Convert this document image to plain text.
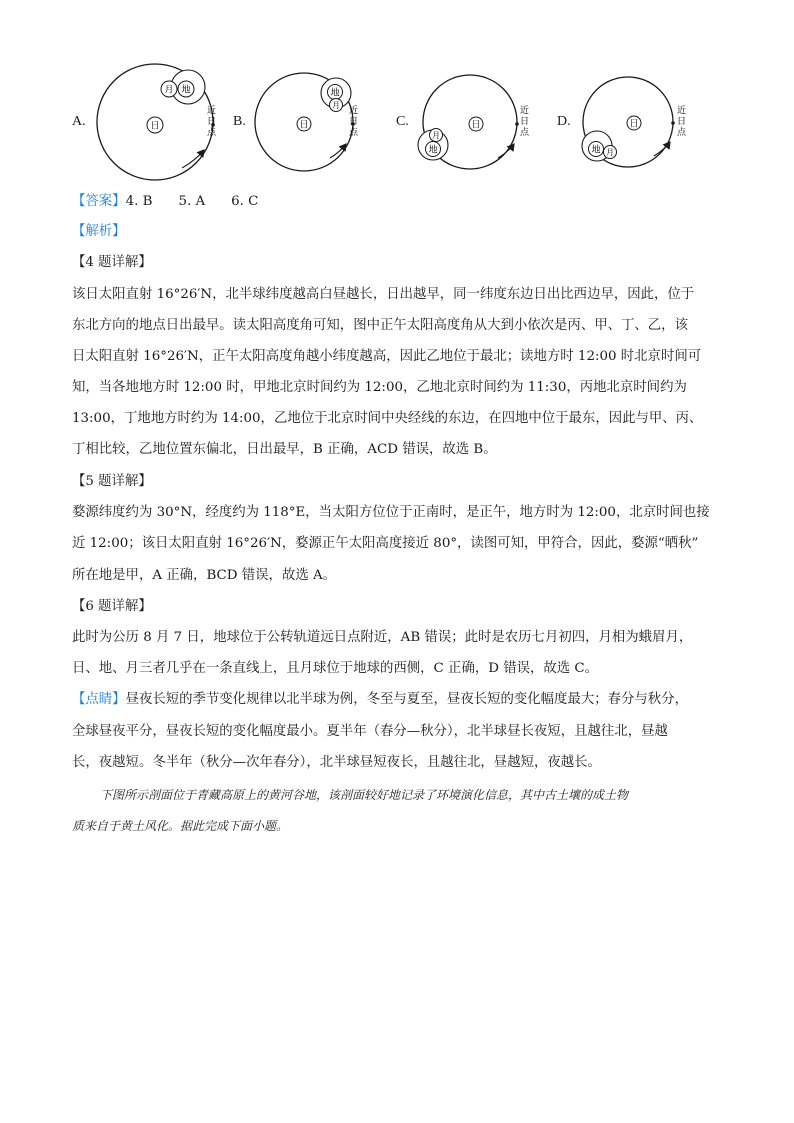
日
地
月
近
日
点
日
地
月
近
日
点
日
地
月
近
日
点
日
地 月
近
日
点
A.	B.	C.	D.
【答案】4. B 5. A 6. C
【解析】
【4 题详解】
该日太阳直射 16°26′N，北半球纬度越高白昼越长，日出越早，同一纬度东边日出比西边早，因此，位于
东北方向的地点日出最早。读太阳高度角可知，图中正午太阳高度角从大到小依次是丙、甲、丁、乙，该
日太阳直射 16°26′N，正午太阳高度角越小纬度越高，因此乙地位于最北；读地方时 12:00 时北京时间可
知，当各地地方时 12:00 时，甲地北京时间约为 12:00，乙地北京时间约为 11:30，丙地北京时间约为
13:00，丁地地方时约为 14:00，乙地位于北京时间中央经线的东边，在四地中位于最东，因此与甲、丙、
丁相比较，乙地位置东偏北，日出最早，B 正确，ACD 错误，故选 B。
【5 题详解】
婺源纬度约为 30°N，经度约为 118°E，当太阳方位位于正南时，是正午，地方时为 12:00，北京时间也接
近 12:00；该日太阳直射 16°26′N，婺源正午太阳高度接近 80°，读图可知，甲符合，因此，婺源“晒秋”
所在地是甲，A 正确，BCD 错误，故选 A。
【6 题详解】
此时为公历 8 月 7 日，地球位于公转轨道远日点附近，AB 错误；此时是农历七月初四，月相为蛾眉月，
日、地、月三者几乎在一条直线上，且月球位于地球的西侧，C 正确，D 错误，故选 C。
【点睛】昼夜长短的季节变化规律以北半球为例，冬至与夏至，昼夜长短的变化幅度最大；春分与秋分，
全球昼夜平分，昼夜长短的变化幅度最小。夏半年（春分—秋分），北半球昼长夜短，且越往北，昼越
长，夜越短。冬半年（秋分—次年春分），北半球昼短夜长，且越往北，昼越短，夜越长。
下图所示剖面位于青藏高原上的黄河谷地，该剖面较好地记录了环境演化信息，其中古土壤的成土物
质来自于黄土风化。据此完成下面小题。
